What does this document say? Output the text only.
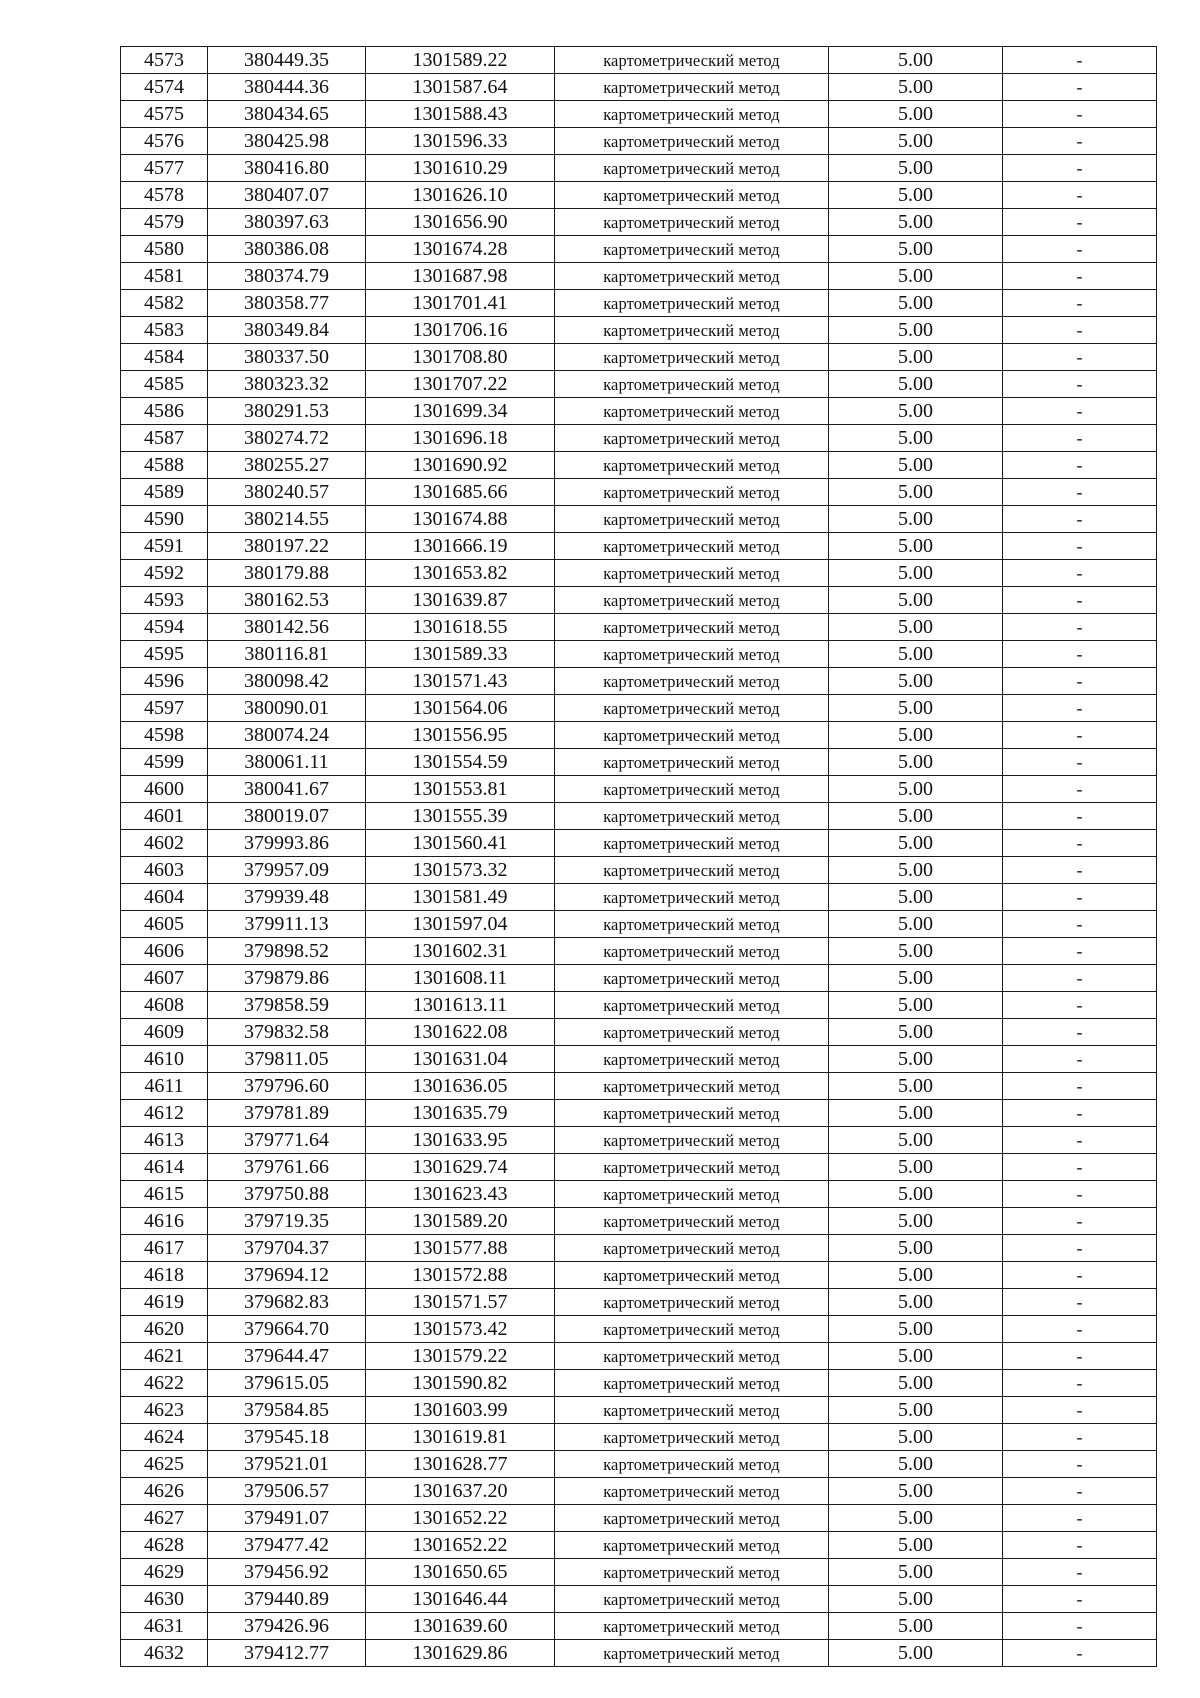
4573	380449.35	1301589.22	картометрический метод	5.00	-
4574	380444.36	1301587.64	картометрический метод	5.00	-
4575	380434.65	1301588.43	картометрический метод	5.00	-
4576	380425.98	1301596.33	картометрический метод	5.00	-
4577	380416.80	1301610.29	картометрический метод	5.00	-
4578	380407.07	1301626.10	картометрический метод	5.00	-
4579	380397.63	1301656.90	картометрический метод	5.00	-
4580	380386.08	1301674.28	картометрический метод	5.00	-
4581	380374.79	1301687.98	картометрический метод	5.00	-
4582	380358.77	1301701.41	картометрический метод	5.00	-
4583	380349.84	1301706.16	картометрический метод	5.00	-
4584	380337.50	1301708.80	картометрический метод	5.00	-
4585	380323.32	1301707.22	картометрический метод	5.00	-
4586	380291.53	1301699.34	картометрический метод	5.00	-
4587	380274.72	1301696.18	картометрический метод	5.00	-
4588	380255.27	1301690.92	картометрический метод	5.00	-
4589	380240.57	1301685.66	картометрический метод	5.00	-
4590	380214.55	1301674.88	картометрический метод	5.00	-
4591	380197.22	1301666.19	картометрический метод	5.00	-
4592	380179.88	1301653.82	картометрический метод	5.00	-
4593	380162.53	1301639.87	картометрический метод	5.00	-
4594	380142.56	1301618.55	картометрический метод	5.00	-
4595	380116.81	1301589.33	картометрический метод	5.00	-
4596	380098.42	1301571.43	картометрический метод	5.00	-
4597	380090.01	1301564.06	картометрический метод	5.00	-
4598	380074.24	1301556.95	картометрический метод	5.00	-
4599	380061.11	1301554.59	картометрический метод	5.00	-
4600	380041.67	1301553.81	картометрический метод	5.00	-
4601	380019.07	1301555.39	картометрический метод	5.00	-
4602	379993.86	1301560.41	картометрический метод	5.00	-
4603	379957.09	1301573.32	картометрический метод	5.00	-
4604	379939.48	1301581.49	картометрический метод	5.00	-
4605	379911.13	1301597.04	картометрический метод	5.00	-
4606	379898.52	1301602.31	картометрический метод	5.00	-
4607	379879.86	1301608.11	картометрический метод	5.00	-
4608	379858.59	1301613.11	картометрический метод	5.00	-
4609	379832.58	1301622.08	картометрический метод	5.00	-
4610	379811.05	1301631.04	картометрический метод	5.00	-
4611	379796.60	1301636.05	картометрический метод	5.00	-
4612	379781.89	1301635.79	картометрический метод	5.00	-
4613	379771.64	1301633.95	картометрический метод	5.00	-
4614	379761.66	1301629.74	картометрический метод	5.00	-
4615	379750.88	1301623.43	картометрический метод	5.00	-
4616	379719.35	1301589.20	картометрический метод	5.00	-
4617	379704.37	1301577.88	картометрический метод	5.00	-
4618	379694.12	1301572.88	картометрический метод	5.00	-
4619	379682.83	1301571.57	картометрический метод	5.00	-
4620	379664.70	1301573.42	картометрический метод	5.00	-
4621	379644.47	1301579.22	картометрический метод	5.00	-
4622	379615.05	1301590.82	картометрический метод	5.00	-
4623	379584.85	1301603.99	картометрический метод	5.00	-
4624	379545.18	1301619.81	картометрический метод	5.00	-
4625	379521.01	1301628.77	картометрический метод	5.00	-
4626	379506.57	1301637.20	картометрический метод	5.00	-
4627	379491.07	1301652.22	картометрический метод	5.00	-
4628	379477.42	1301652.22	картометрический метод	5.00	-
4629	379456.92	1301650.65	картометрический метод	5.00	-
4630	379440.89	1301646.44	картометрический метод	5.00	-
4631	379426.96	1301639.60	картометрический метод	5.00	-
4632	379412.77	1301629.86	картометрический метод	5.00	-
